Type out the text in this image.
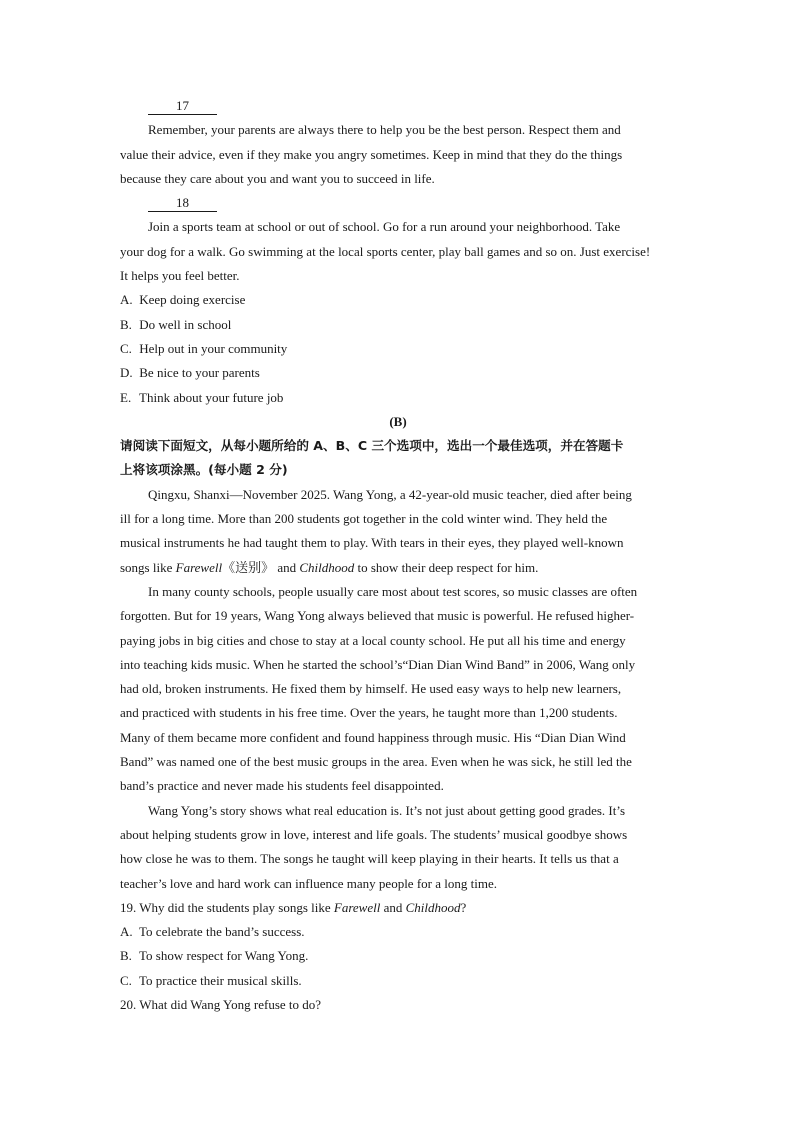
17

Remember, your parents are always there to help you be the best person. Respect them and

value their advice, even if they make you angry sometimes. Keep in mind that they do the things

because they care about you and want you to succeed in life.

18

Join a sports team at school or out of school. Go for a run around your neighborhood. Take

your dog for a walk. Go swimming at the local sports center, play ball games and so on. Just exercise!

It helps you feel better.

A. Keep doing exercise

B. Do well in school

C. Help out in your community

D. Be nice to your parents

E. Think about your future job

(B)

请阅读下面短文，从每小题所给的 A、B、C 三个选项中，选出一个最佳选项，并在答题卡

上将该项涂黑。(每小题 2 分)

Qingxu, Shanxi—November 2025. Wang Yong, a 42-year-old music teacher, died after being

ill for a long time. More than 200 students got together in the cold winter wind. They held the

musical instruments he had taught them to play. With tears in their eyes, they played well-known

songs like Farewell《送别》 and Childhood to show their deep respect for him.

In many county schools, people usually care most about test scores, so music classes are often

forgotten. But for 19 years, Wang Yong always believed that music is powerful. He refused higher-

paying jobs in big cities and chose to stay at a local county school. He put all his time and energy

into teaching kids music. When he started the school’s“Dian Dian Wind Band” in 2006, Wang only

had old, broken instruments. He fixed them by himself. He used easy ways to help new learners,

and practiced with students in his free time. Over the years, he taught more than 1,200 students.

Many of them became more confident and found happiness through music. His “Dian Dian Wind

Band” was named one of the best music groups in the area. Even when he was sick, he still led the

band’s practice and never made his students feel disappointed.

Wang Yong’s story shows what real education is. It’s not just about getting good grades. It’s

about helping students grow in love, interest and life goals. The students’ musical goodbye shows

how close he was to them. The songs he taught will keep playing in their hearts. It tells us that a

teacher’s love and hard work can influence many people for a long time.

19. Why did the students play songs like Farewell and Childhood?

A. To celebrate the band’s success.

B. To show respect for Wang Yong.

C. To practice their musical skills.

20. What did Wang Yong refuse to do?
